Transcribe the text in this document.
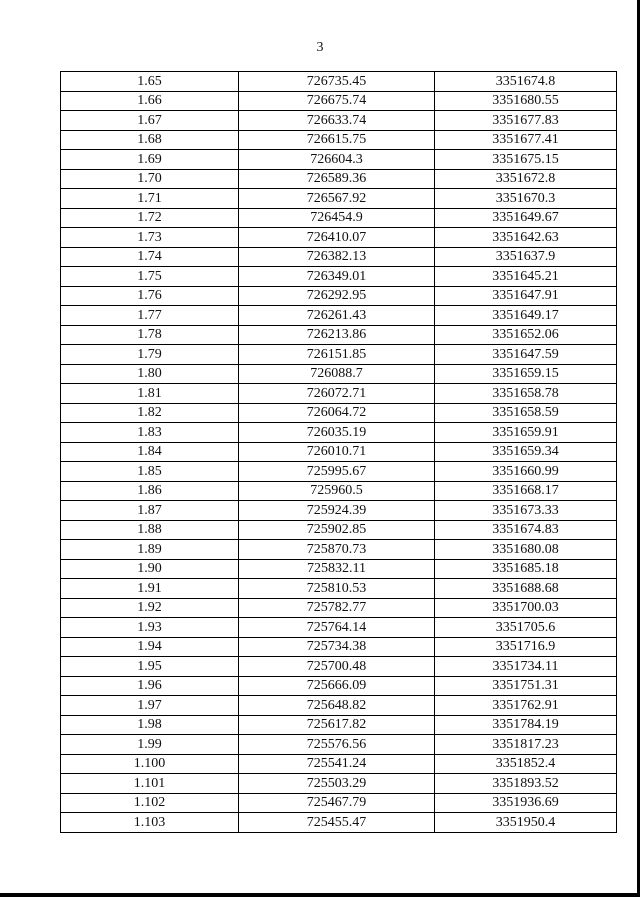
3
1.65	726735.45	3351674.8
1.66	726675.74	3351680.55
1.67	726633.74	3351677.83
1.68	726615.75	3351677.41
1.69	726604.3	3351675.15
1.70	726589.36	3351672.8
1.71	726567.92	3351670.3
1.72	726454.9	3351649.67
1.73	726410.07	3351642.63
1.74	726382.13	3351637.9
1.75	726349.01	3351645.21
1.76	726292.95	3351647.91
1.77	726261.43	3351649.17
1.78	726213.86	3351652.06
1.79	726151.85	3351647.59
1.80	726088.7	3351659.15
1.81	726072.71	3351658.78
1.82	726064.72	3351658.59
1.83	726035.19	3351659.91
1.84	726010.71	3351659.34
1.85	725995.67	3351660.99
1.86	725960.5	3351668.17
1.87	725924.39	3351673.33
1.88	725902.85	3351674.83
1.89	725870.73	3351680.08
1.90	725832.11	3351685.18
1.91	725810.53	3351688.68
1.92	725782.77	3351700.03
1.93	725764.14	3351705.6
1.94	725734.38	3351716.9
1.95	725700.48	3351734.11
1.96	725666.09	3351751.31
1.97	725648.82	3351762.91
1.98	725617.82	3351784.19
1.99	725576.56	3351817.23
1.100	725541.24	3351852.4
1.101	725503.29	3351893.52
1.102	725467.79	3351936.69
1.103	725455.47	3351950.4
